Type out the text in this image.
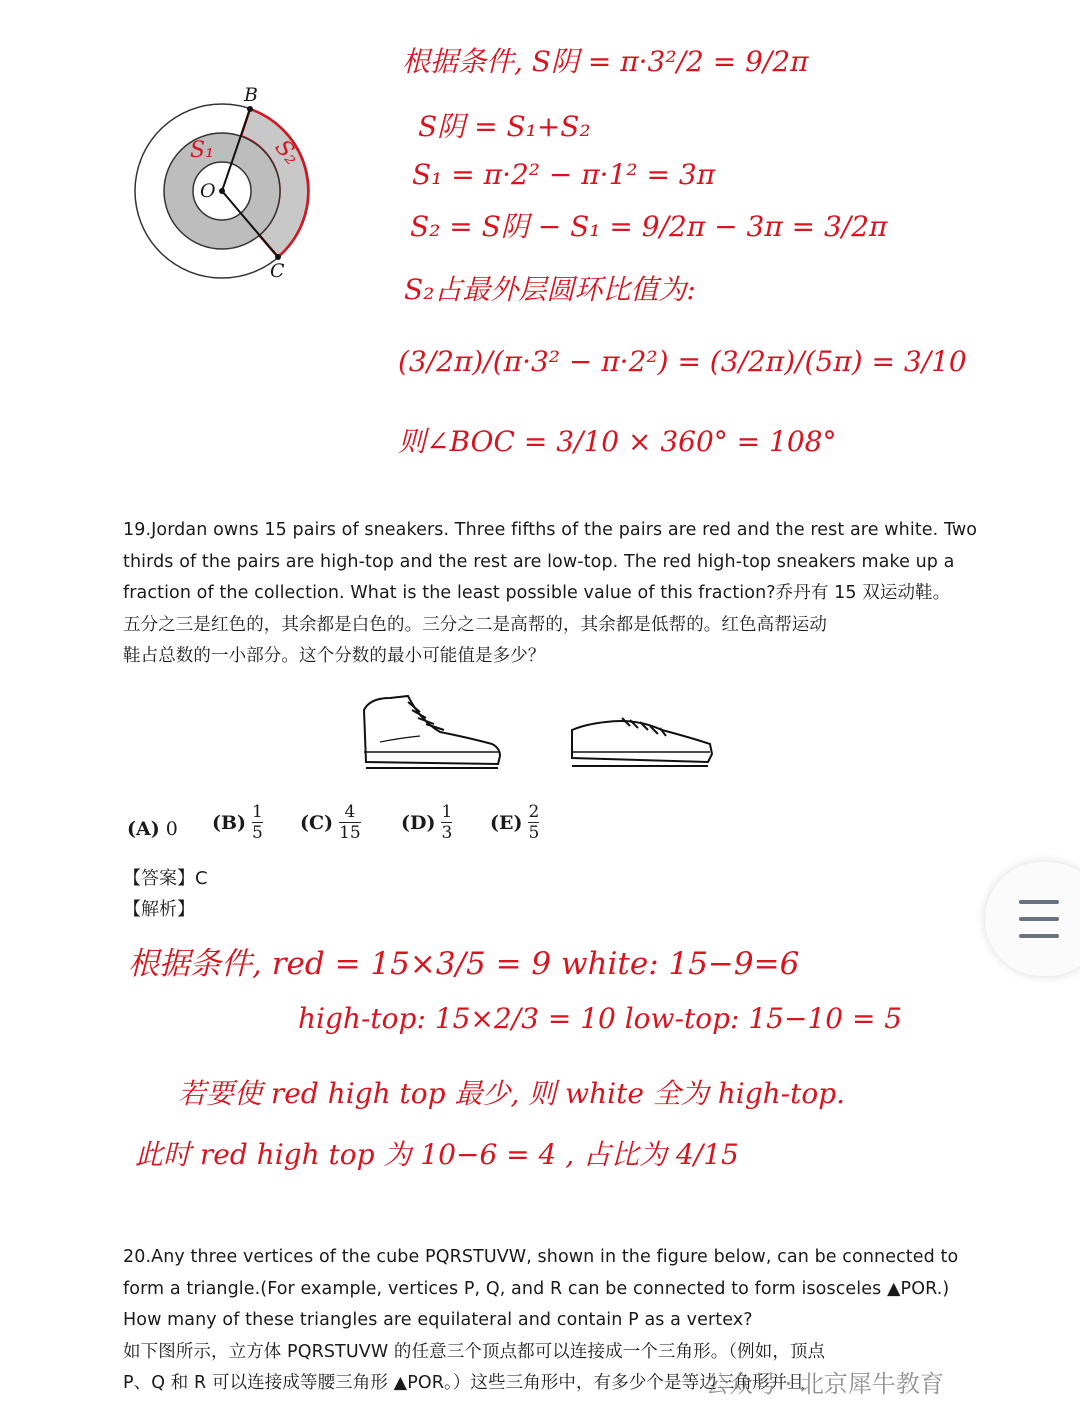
B
C
O
S₁	S₂
根据条件, S阴 = π·3²/2 = 9/2π
S阴 = S₁+S₂
S₁ = π·2² − π·1² = 3π
S₂ = S阴 − S₁ = 9/2π − 3π = 3/2π
S₂占最外层圆环比值为:
(3/2π)/(π·3² − π·2²) = (3/2π)/(5π) = 3/10
则∠BOC = 3/10 × 360° = 108°
19.Jordan owns 15 pairs of sneakers. Three fifths of the pairs are red and the rest are white. Two
thirds of the pairs are high-top and the rest are low-top. The red high-top sneakers make up a
fraction of the collection. What is the least possible value of this fraction?乔丹有 15 双运动鞋。
五分之三是红色的，其余都是白色的。三分之二是高帮的，其余都是低帮的。红色高帮运动
鞋占总数的一小部分。这个分数的最小可能值是多少？
(A) 0 $(B) \frac{1}{5} (C) \frac{4}{15} (D) \frac{1}{3} (E) \frac{2}{5}$
【答案】C
【解析】
根据条件, red = 15×3/5 = 9 white: 15−9=6
high-top: 15×2/3 = 10 low-top: 15−10 = 5
若要使 red high top 最少, 则 white 全为 high-top.
此时 red high top 为 10−6 = 4 , 占比为 4/15
20.Any three vertices of the cube PQRSTUVW, shown in the figure below, can be connected to
form a triangle.(For example, vertices P, Q, and R can be connected to form isosceles ▲POR.)
How many of these triangles are equilateral and contain P as a vertex?
如下图所示，立方体 PQRSTUVW 的任意三个顶点都可以连接成一个三角形。（例如，顶点
P、Q 和 R 可以连接成等腰三角形 ▲POR。）这些三角形中，有多少个是等边三角形并且
公众号 · 北京犀牛教育
